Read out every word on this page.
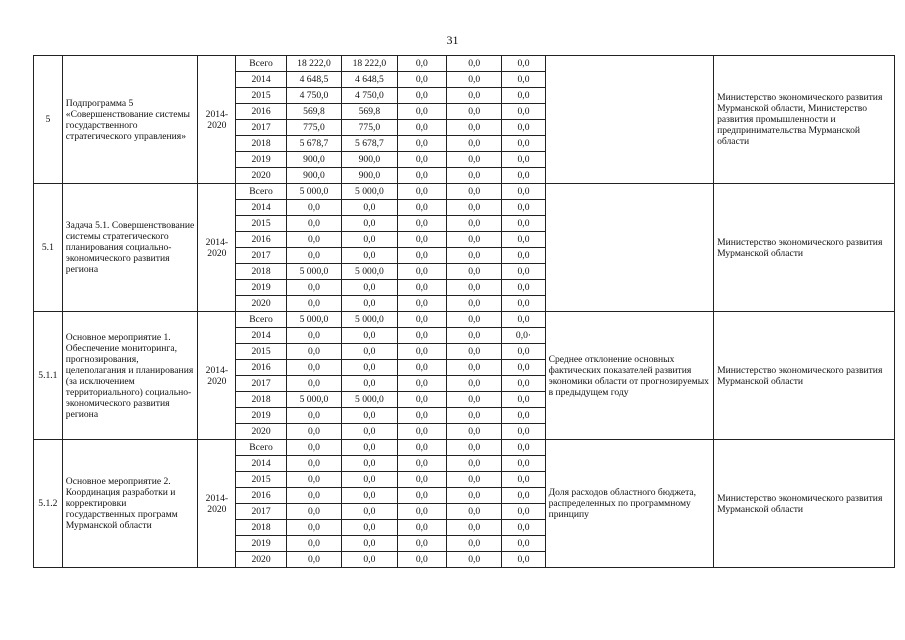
31
5	Подпрограмма 5 «Совершенствование системы государственного стратегического управления»	2014-2020	Всего	18 222,0	18 222,0	0,0	0,0	0,0		Министерство экономического развития Мурманской области, Министерство развития промышленности и предпринимательства Мурманской области
			2014	4 648,5	4 648,5	0,0	0,0	0,0		
			2015	4 750,0	4 750,0	0,0	0,0	0,0		
			2016	569,8	569,8	0,0	0,0	0,0		
			2017	775,0	775,0	0,0	0,0	0,0		
			2018	5 678,7	5 678,7	0,0	0,0	0,0		
			2019	900,0	900,0	0,0	0,0	0,0		
			2020	900,0	900,0	0,0	0,0	0,0		
5.1	Задача 5.1. Совершенствование системы стратегического планирования социально-экономического развития региона	2014-2020	Всего	5 000,0	5 000,0	0,0	0,0	0,0		Министерство экономического развития Мурманской области
			2014	0,0	0,0	0,0	0,0	0,0		
			2015	0,0	0,0	0,0	0,0	0,0		
			2016	0,0	0,0	0,0	0,0	0,0		
			2017	0,0	0,0	0,0	0,0	0,0		
			2018	5 000,0	5 000,0	0,0	0,0	0,0		
			2019	0,0	0,0	0,0	0,0	0,0		
			2020	0,0	0,0	0,0	0,0	0,0		
5.1.1	Основное мероприятие 1. Обеспечение мониторинга, прогнозирования, целеполагания и планирования (за исключением территориального) социально-экономического развития региона	2014-2020	Всего	5 000,0	5 000,0	0,0	0,0	0,0	Среднее отклонение основных фактических показателей развития экономики области от прогнозируемых в предыдущем году	Министерство экономического развития Мурманской области
			2014	0,0	0,0	0,0	0,0	0,0·		
			2015	0,0	0,0	0,0	0,0	0,0		
			2016	0,0	0,0	0,0	0,0	0,0		
			2017	0,0	0,0	0,0	0,0	0,0		
			2018	5 000,0	5 000,0	0,0	0,0	0,0		
			2019	0,0	0,0	0,0	0,0	0,0		
			2020	0,0	0,0	0,0	0,0	0,0		
5.1.2	Основное мероприятие 2. Координация разработки и корректировки государственных программ Мурманской области	2014-2020	Всего	0,0	0,0	0,0	0,0	0,0	Доля расходов областного бюджета, распределенных по программному принципу	Министерство экономического развития Мурманской области
			2014	0,0	0,0	0,0	0,0	0,0		
			2015	0,0	0,0	0,0	0,0	0,0		
			2016	0,0	0,0	0,0	0,0	0,0		
			2017	0,0	0,0	0,0	0,0	0,0		
			2018	0,0	0,0	0,0	0,0	0,0		
			2019	0,0	0,0	0,0	0,0	0,0		
			2020	0,0	0,0	0,0	0,0	0,0		
